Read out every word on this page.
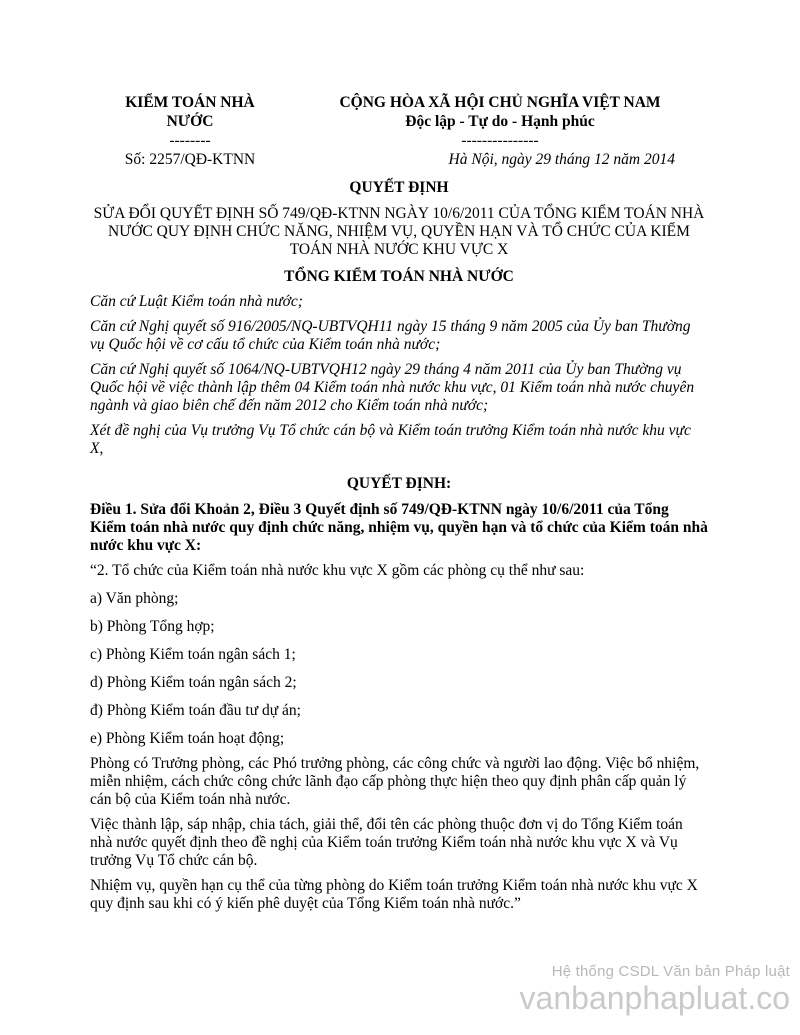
KIỂM TOÁN NHÀ NƯỚC
--------
Số: 2257/QĐ-KTNN
CỘNG HÒA XÃ HỘI CHỦ NGHĨA VIỆT NAM
Độc lập - Tự do - Hạnh phúc
---------------
Hà Nội, ngày 29 tháng 12 năm 2014
QUYẾT ĐỊNH
SỬA ĐỔI QUYẾT ĐỊNH SỐ 749/QĐ-KTNN NGÀY 10/6/2011 CỦA TỔNG KIỂM TOÁN NHÀ NƯỚC QUY ĐỊNH CHỨC NĂNG, NHIỆM VỤ, QUYỀN HẠN VÀ TỔ CHỨC CỦA KIỂM TOÁN NHÀ NƯỚC KHU VỰC X
TỔNG KIỂM TOÁN NHÀ NƯỚC
Căn cứ Luật Kiểm toán nhà nước;
Căn cứ Nghị quyết số 916/2005/NQ-UBTVQH11 ngày 15 tháng 9 năm 2005 của Ủy ban Thường vụ Quốc hội về cơ cấu tổ chức của Kiểm toán nhà nước;
Căn cứ Nghị quyết số 1064/NQ-UBTVQH12 ngày 29 tháng 4 năm 2011 của Ủy ban Thường vụ Quốc hội về việc thành lập thêm 04 Kiểm toán nhà nước khu vực, 01 Kiểm toán nhà nước chuyên ngành và giao biên chế đến năm 2012 cho Kiểm toán nhà nước;
Xét đề nghị của Vụ trưởng Vụ Tổ chức cán bộ và Kiểm toán trưởng Kiểm toán nhà nước khu vực X,
QUYẾT ĐỊNH:
Điều 1. Sửa đổi Khoản 2, Điều 3 Quyết định số 749/QĐ-KTNN ngày 10/6/2011 của Tổng Kiểm toán nhà nước quy định chức năng, nhiệm vụ, quyền hạn và tổ chức của Kiểm toán nhà nước khu vực X:
“2. Tổ chức của Kiểm toán nhà nước khu vực X gồm các phòng cụ thể như sau:
a) Văn phòng;
b) Phòng Tổng hợp;
c) Phòng Kiểm toán ngân sách 1;
d) Phòng Kiểm toán ngân sách 2;
đ) Phòng Kiểm toán đầu tư dự án;
e) Phòng Kiểm toán hoạt động;
Phòng có Trưởng phòng, các Phó trưởng phòng, các công chức và người lao động. Việc bổ nhiệm, miễn nhiệm, cách chức công chức lãnh đạo cấp phòng thực hiện theo quy định phân cấp quản lý cán bộ của Kiểm toán nhà nước.
Việc thành lập, sáp nhập, chia tách, giải thể, đổi tên các phòng thuộc đơn vị do Tổng Kiểm toán nhà nước quyết định theo đề nghị của Kiểm toán trưởng Kiểm toán nhà nước khu vực X và Vụ trưởng Vụ Tổ chức cán bộ.
Nhiệm vụ, quyền hạn cụ thể của từng phòng do Kiểm toán trưởng Kiểm toán nhà nước khu vực X quy định sau khi có ý kiến phê duyệt của Tổng Kiểm toán nhà nước.”
Hệ thống CSDL Văn bản Pháp luật
vanbanphapluat.co
